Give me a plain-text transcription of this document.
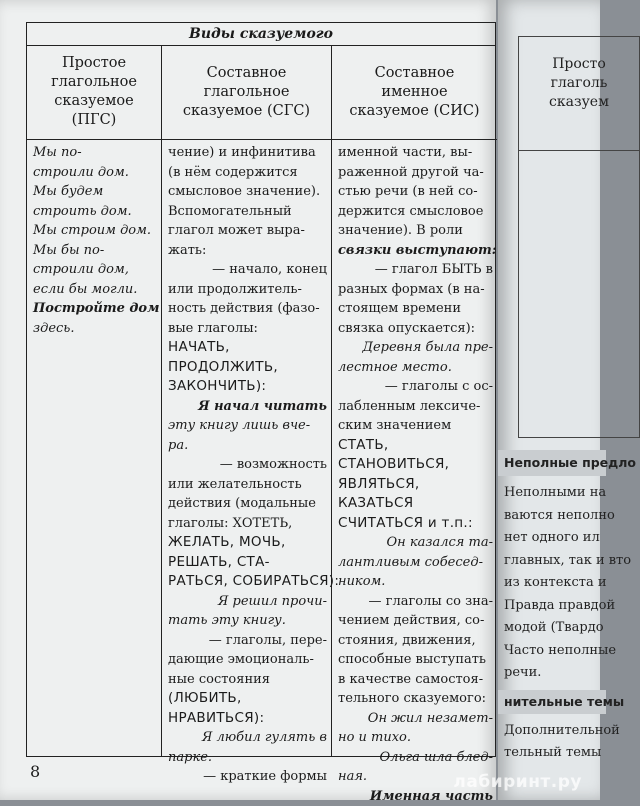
Виды сказуемого
Простое
глагольное
сказуемое (ПГС)
Мы по-
строили дом.
Мы будем
строить дом.
Мы строим дом.
Мы бы по-
строили дом,
если бы могли.
Постройте дом
здесь.
Составное
глагольное
сказуемое (СГС)
чение) и инфинитива
(в нём содержится
смысловое значение).
Вспомогательный
глагол может выра-
жать:
— начало, конец
или продолжитель-
ность действия (фазо-
вые глаголы:
НАЧАТЬ,
ПРОДОЛЖИТЬ,
ЗАКОНЧИТЬ):
Я начал читать
эту книгу лишь вче-
ра.
— возможность
или желательность
действия (модальные
глаголы: ХОТЕТЬ,
ЖЕЛАТЬ, МОЧЬ,
РЕШАТЬ, СТА-
РАТЬСЯ, СОБИРАТЬСЯ):
Я решил прочи-
тать эту книгу.
— глаголы, пере-
дающие эмоциональ-
ные состояния
(ЛЮБИТЬ,
НРАВИТЬСЯ):
Я любил гулять в
парке.
— краткие формы
Составное
именное
сказуемое (СИС)
именной части, вы-
раженной другой ча-
стью речи (в ней со-
держится смысловое
значение). В роли
связки выступают:
— глагол БЫТЬ в
разных формах (в на-
стоящем времени
связка опускается):
Деревня была пре-
лестное место.
— глаголы с ос-
лабленным лексиче-
ским значением
СТАТЬ,
СТАНОВИТЬСЯ,
ЯВЛЯТЬСЯ,
КАЗАТЬСЯ
СЧИТАТЬСЯ и т.п.:
Он казался та-
лантливым собесед-
ником.
— глаголы со зна-
чением действия, со-
стояния, движения,
способные выступать
в качестве самостоя-
тельного сказуемого:
Он жил незамет-
но и тихо.
Ольга шла блед-
ная.
Именная часть
8
Просто
глаголь
сказуем
Неполные предло
Неполными на
ваются неполно
нет одного ил
главных, так и вто
из контекста и
Правда правдой
модой (Твардо
Часто неполные
речи.
нительные темы
Дополнительной
тельный темы
лабиринт.ру
